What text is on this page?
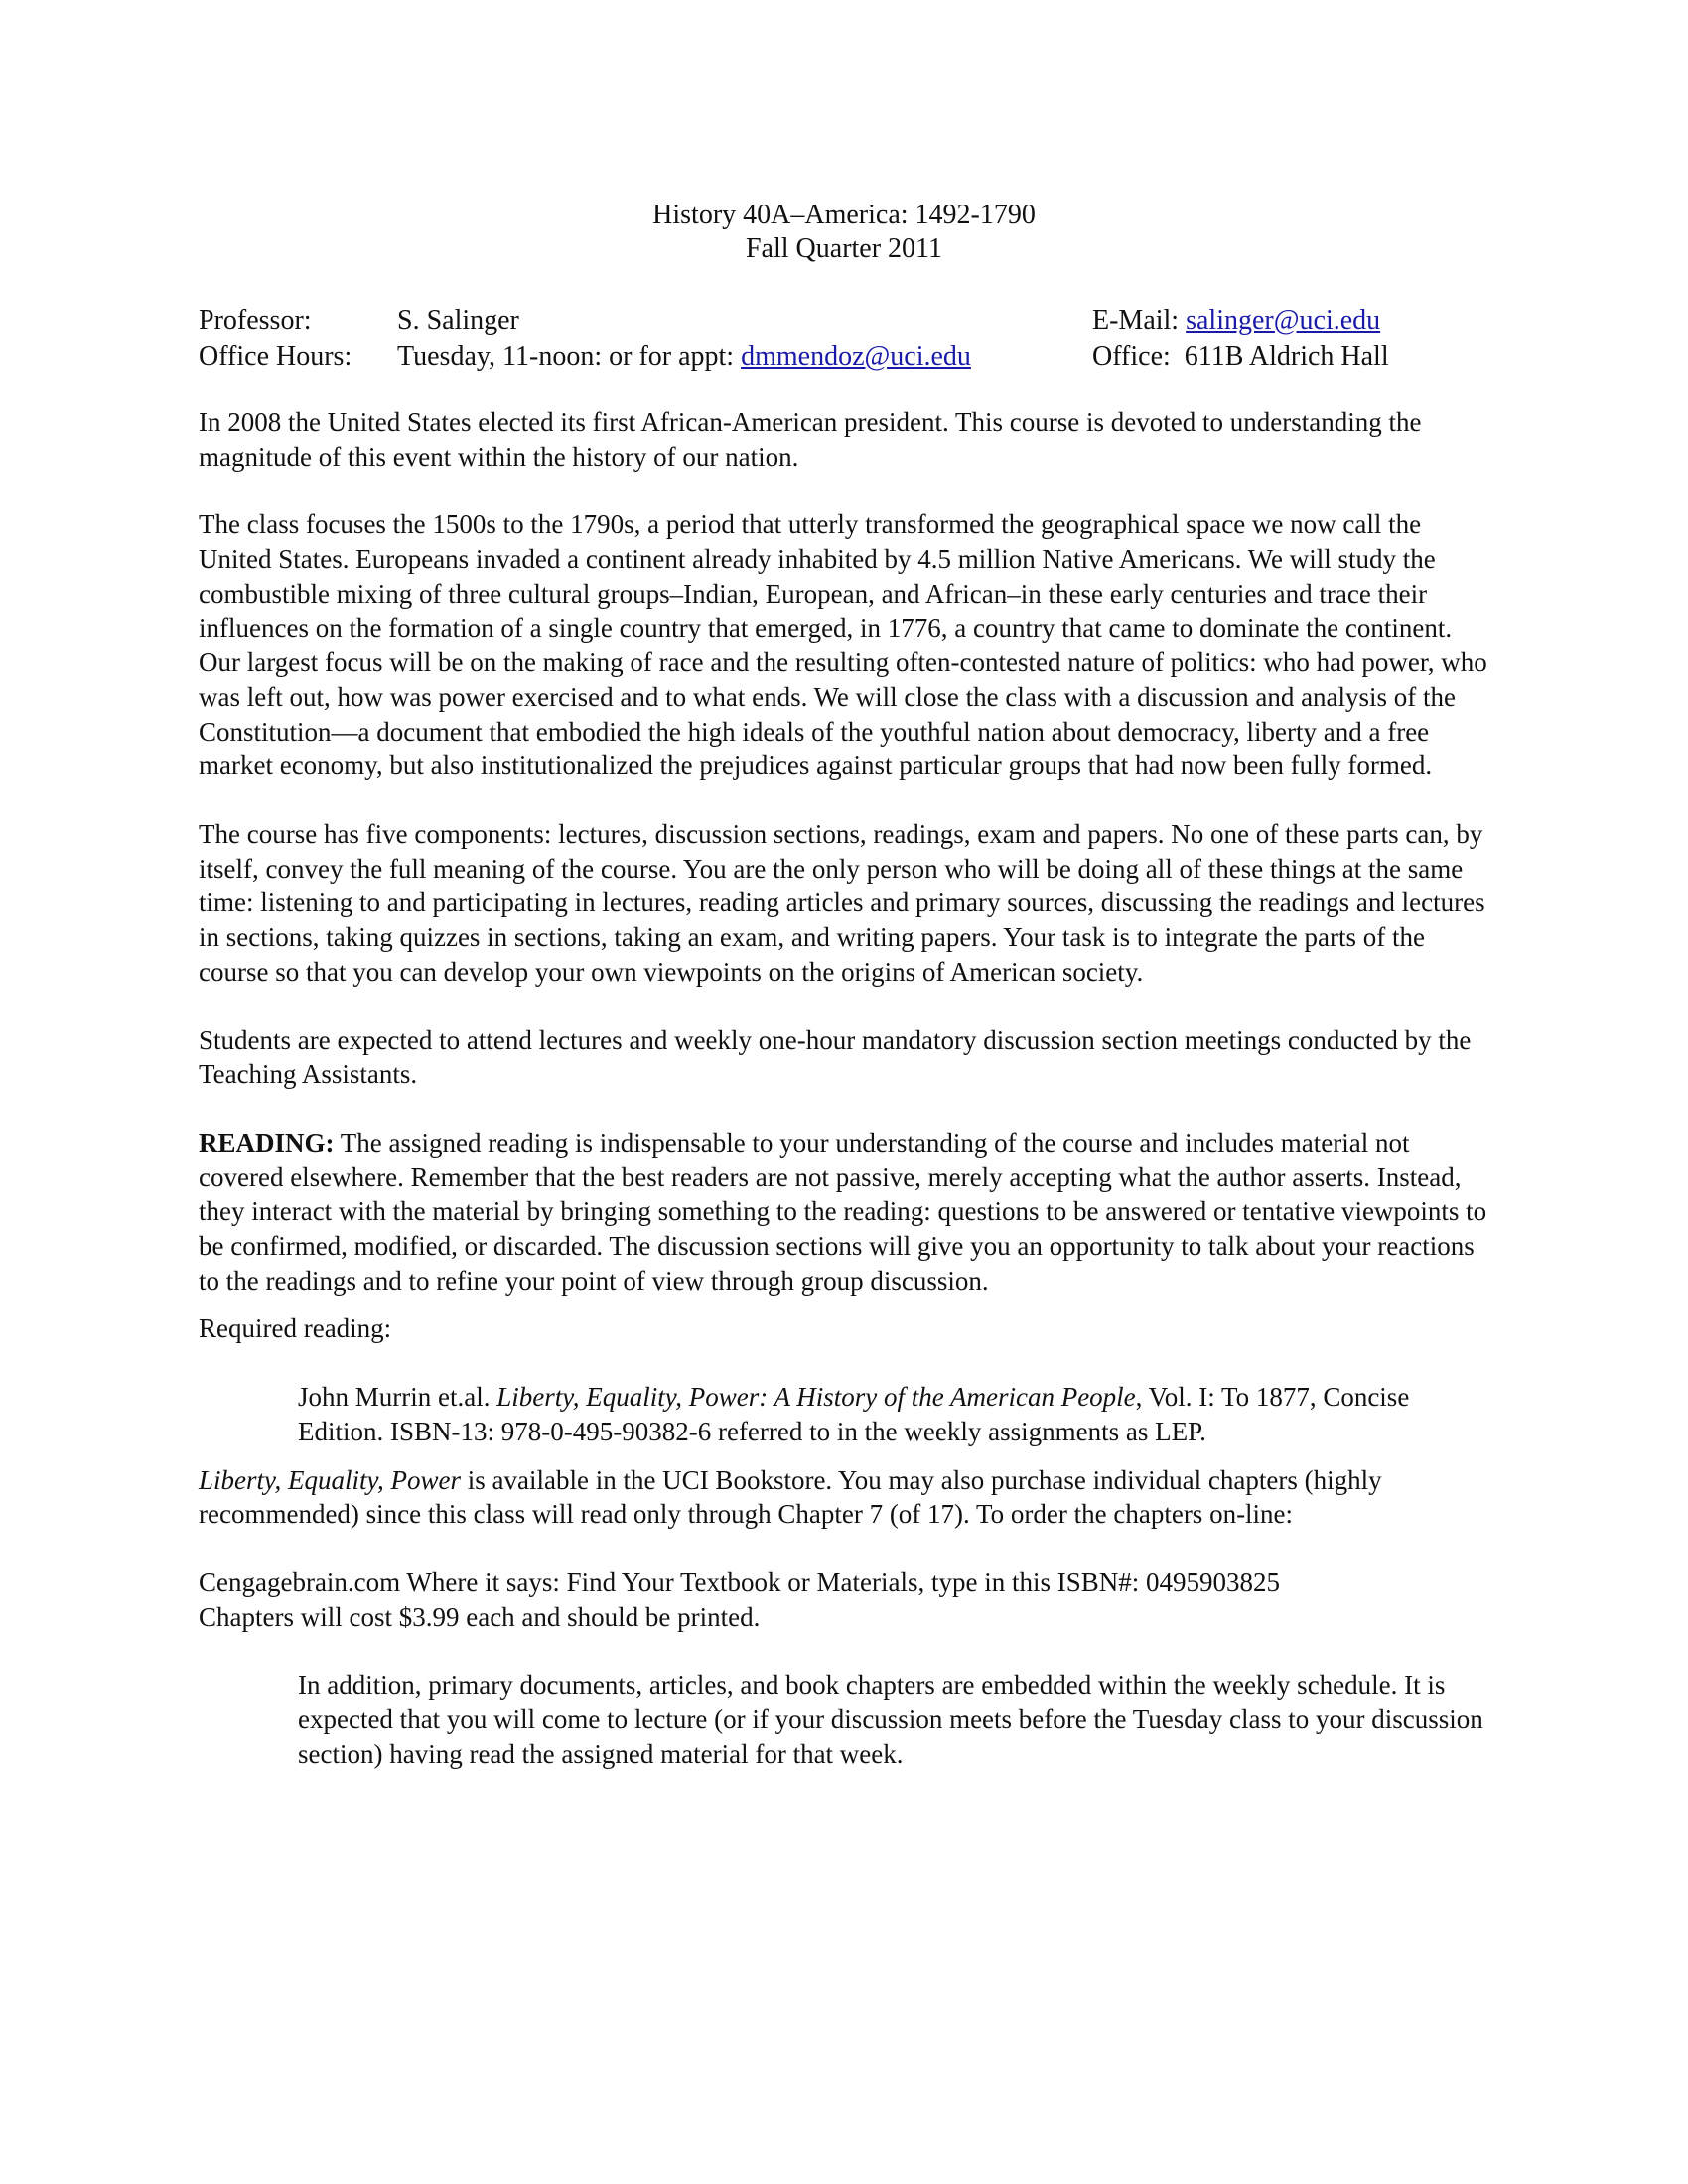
History 40A–America: 1492-1790
Fall Quarter 2011
Professor:	S. Salinger	E-Mail: salinger@uci.edu
Office Hours: Tuesday, 11-noon: or for appt: dmmendoz@uci.edu	Office: 611B Aldrich Hall

In 2008 the United States elected its first African-American president. This course is devoted to understanding the magnitude of this event within the history of our nation.

The class focuses the 1500s to the 1790s, a period that utterly transformed the geographical space we now call the United States. Europeans invaded a continent already inhabited by 4.5 million Native Americans. We will study the combustible mixing of three cultural groups–Indian, European, and African–in these early centuries and trace their influences on the formation of a single country that emerged, in 1776, a country that came to dominate the continent. Our largest focus will be on the making of race and the resulting often-contested nature of politics: who had power, who was left out, how was power exercised and to what ends. We will close the class with a discussion and analysis of the Constitution—a document that embodied the high ideals of the youthful nation about democracy, liberty and a free market economy, but also institutionalized the prejudices against particular groups that had now been fully formed.

The course has five components: lectures, discussion sections, readings, exam and papers. No one of these parts can, by itself, convey the full meaning of the course. You are the only person who will be doing all of these things at the same time: listening to and participating in lectures, reading articles and primary sources, discussing the readings and lectures in sections, taking quizzes in sections, taking an exam, and writing papers. Your task is to integrate the parts of the course so that you can develop your own viewpoints on the origins of American society.

Students are expected to attend lectures and weekly one-hour mandatory discussion section meetings conducted by the Teaching Assistants.

READING: The assigned reading is indispensable to your understanding of the course and includes material not covered elsewhere. Remember that the best readers are not passive, merely accepting what the author asserts. Instead, they interact with the material by bringing something to the reading: questions to be answered or tentative viewpoints to be confirmed, modified, or discarded. The discussion sections will give you an opportunity to talk about your reactions to the readings and to refine your point of view through group discussion.

Required reading:

John Murrin et.al. Liberty, Equality, Power: A History of the American People, Vol. I: To 1877, Concise Edition. ISBN-13: 978-0-495-90382-6 referred to in the weekly assignments as LEP.

Liberty, Equality, Power is available in the UCI Bookstore. You may also purchase individual chapters (highly recommended) since this class will read only through Chapter 7 (of 17). To order the chapters on-line:

Cengagebrain.com Where it says: Find Your Textbook or Materials, type in this ISBN#: 0495903825
Chapters will cost $3.99 each and should be printed.

In addition, primary documents, articles, and book chapters are embedded within the weekly schedule. It is expected that you will come to lecture (or if your discussion meets before the Tuesday class to your discussion section) having read the assigned material for that week.
